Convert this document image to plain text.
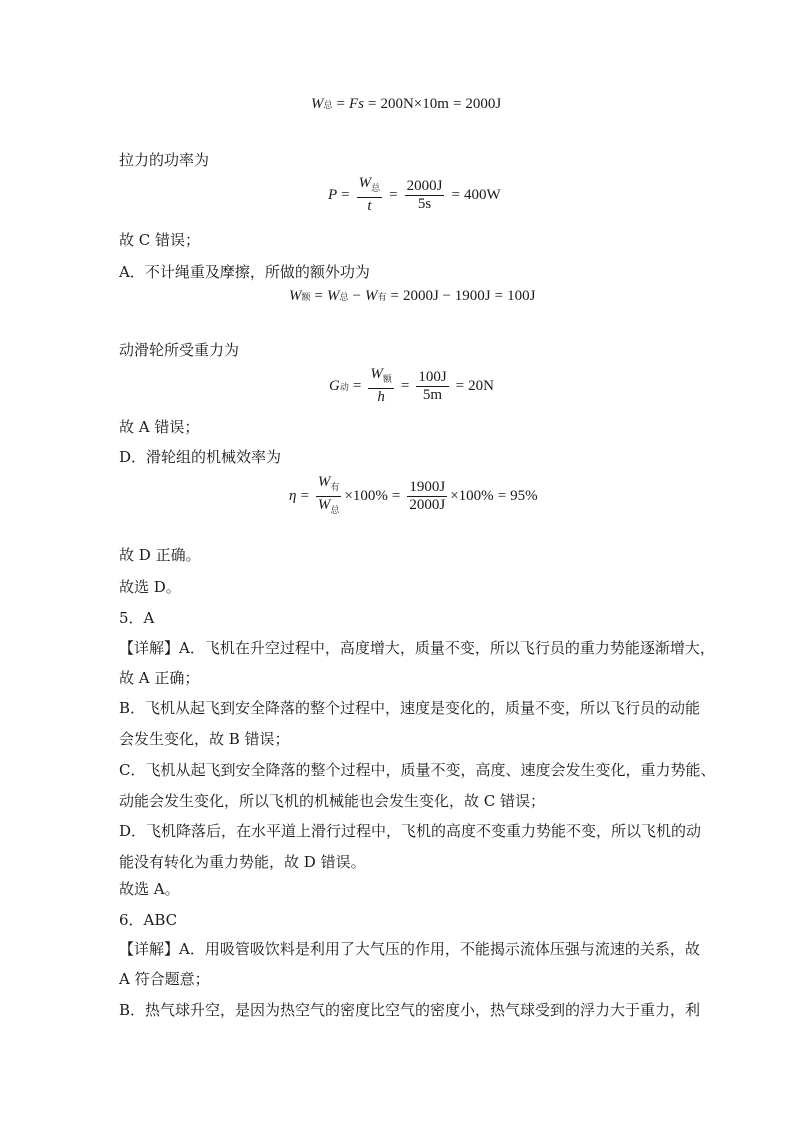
W 总 = F s = 200N×10m = 2000J
拉力的功率为
$P = \frac{W_总}{t} = \frac{2000J}{5s} = 400W$
故 C 错误；
A．不计绳重及摩擦，所做的额外功为
W 额 = W 总 − W 有 = 2000J − 1900J = 100J
动滑轮所受重力为
G 动 = $\frac{W_额}{h} = \frac{100J}{5m} = 20N$
故 A 错误；
D．滑轮组的机械效率为
$\eta = \frac{W_有}{W_总} \times 100\% = \frac{1900J}{2000J} \times 100\% = 95\%$
故 D 正确。
故选 D。
5．A
【详解】A．飞机在升空过程中，高度增大，质量不变，所以飞行员的重力势能逐渐增大，
故 A 正确；
B．飞机从起飞到安全降落的整个过程中，速度是变化的，质量不变，所以飞行员的动能
会发生变化，故 B 错误；
C．飞机从起飞到安全降落的整个过程中，质量不变，高度、速度会发生变化，重力势能、
动能会发生变化，所以飞机的机械能也会发生变化，故 C 错误；
D．飞机降落后，在水平道上滑行过程中，飞机的高度不变重力势能不变，所以飞机的动
能没有转化为重力势能，故 D 错误。
故选 A。
6．ABC
【详解】A．用吸管吸饮料是利用了大气压的作用，不能揭示流体压强与流速的关系，故
A 符合题意；
B．热气球升空，是因为热空气的密度比空气的密度小，热气球受到的浮力大于重力，利
